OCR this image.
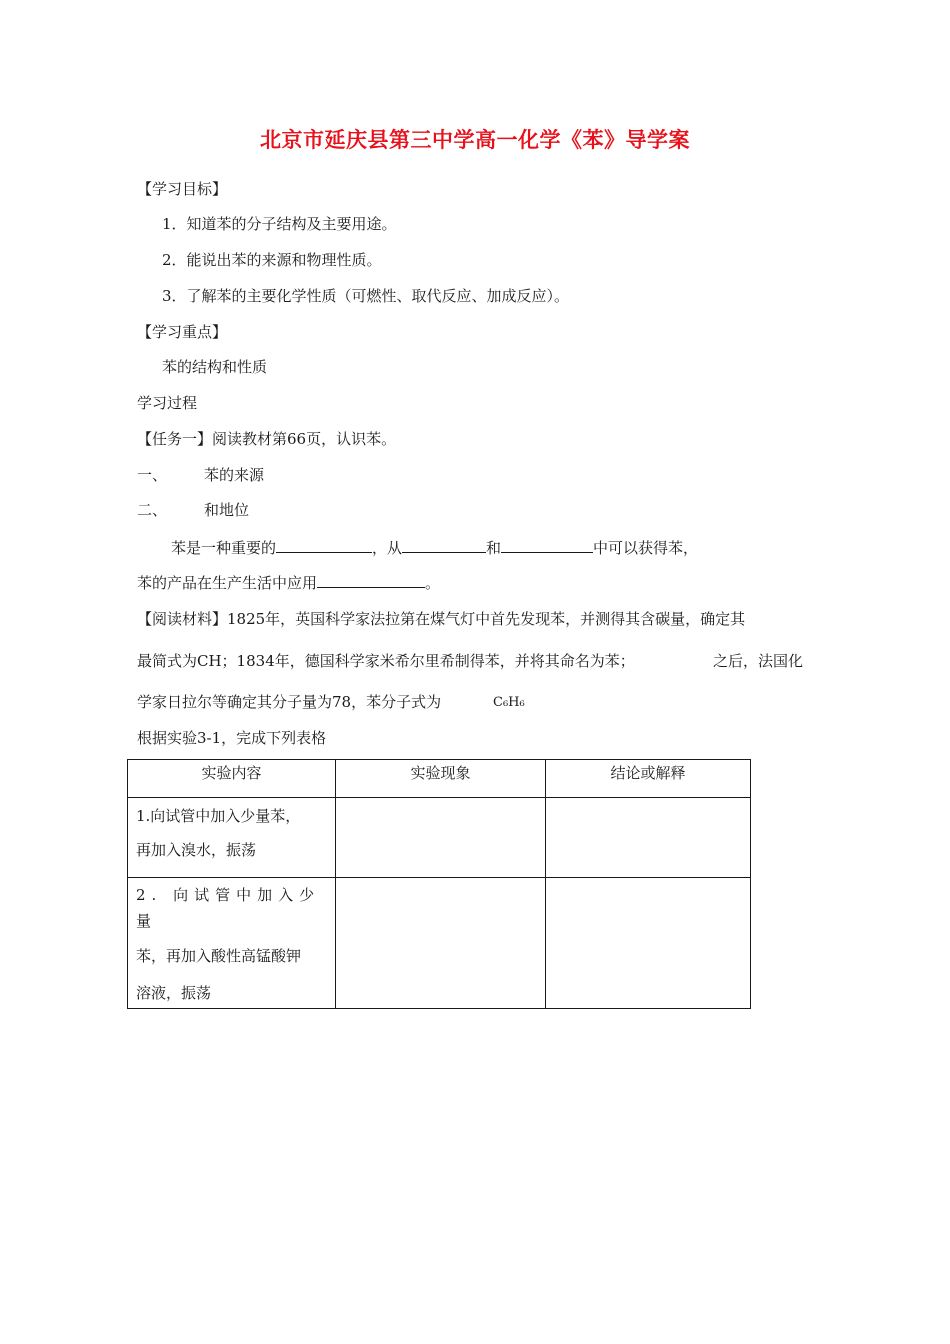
北京市延庆县第三中学高一化学《苯》导学案
【学习目标】
1．知道苯的分子结构及主要用途。
2．能说出苯的来源和物理性质。
3．了解苯的主要化学性质（可燃性、取代反应、加成反应）。
【学习重点】
苯的结构和性质
学习过程
【任务一】阅读教材第66页，认识苯。
一、 苯的来源
二、 和地位
苯是一种重要的	，从	和	中可以获得苯，
苯的产品在生产生活中应用	。
【阅读材料】1825年，英国科学家法拉第在煤气灯中首先发现苯，并测得其含碳量，确定其
最简式为CH；1834年，德国科学家米希尔里希制得苯，并将其命名为苯；	之后，法国化
学家日拉尔等确定其分子量为78，苯分子式为	C₆H₆
根据实验3-1，完成下列表格
实验内容	实验现象	结论或解释

1.向试管中加入少量苯，
再加入溴水，振荡		

2. 向试管中加入少量
苯，再加入酸性高锰酸钾
溶液，振荡		
